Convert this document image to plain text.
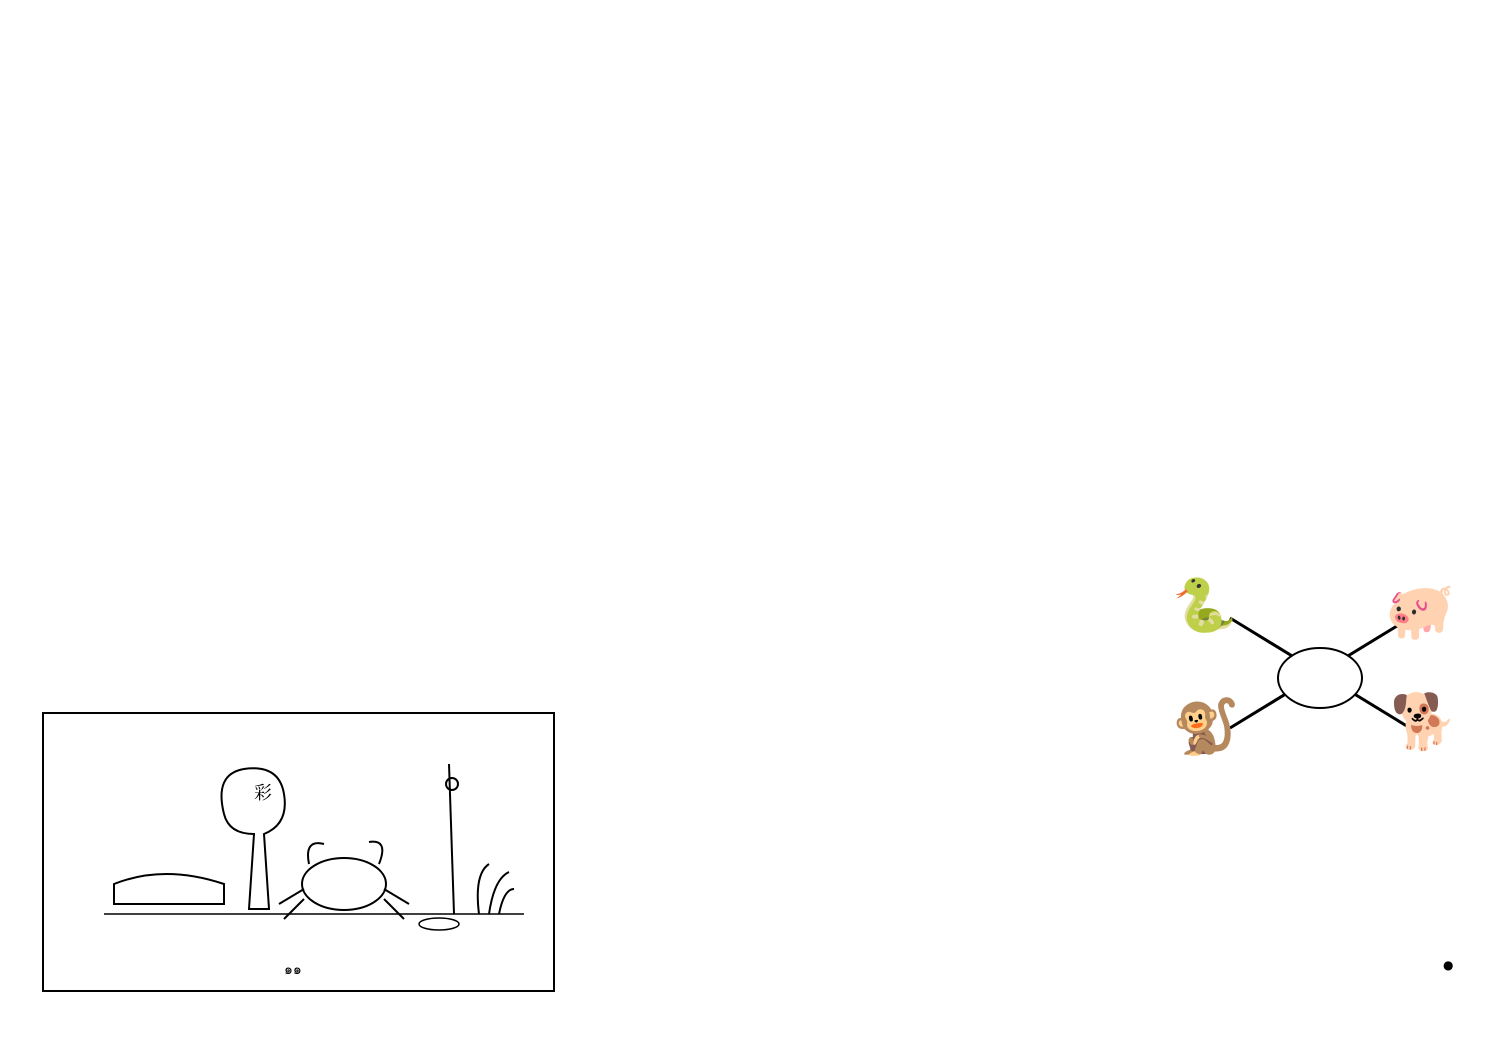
彩
๑๑
🐍	🐖
🐒	🐕
●
